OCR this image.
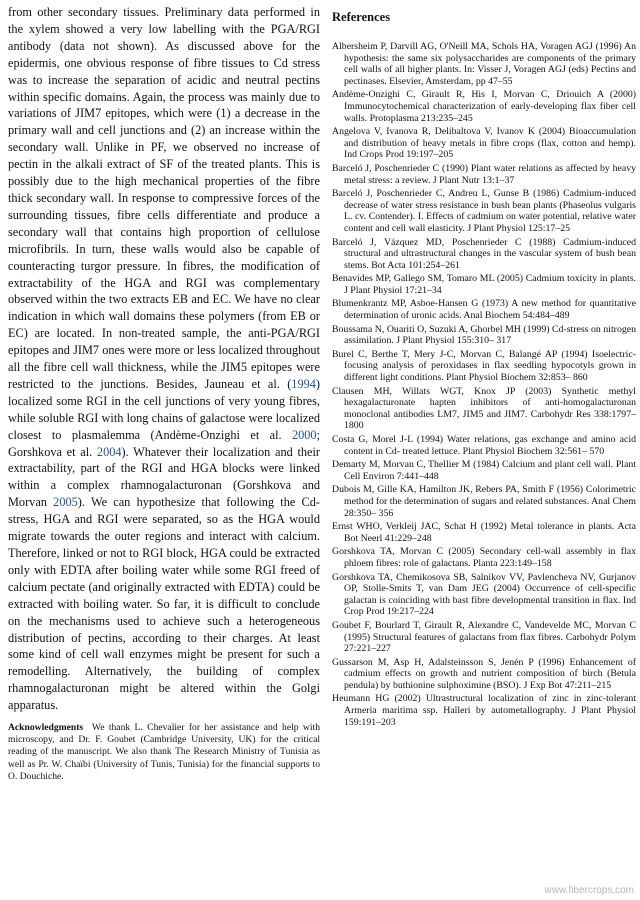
from other secondary tissues. Preliminary data performed in the xylem showed a very low labelling with the PGA/RGI antibody (data not shown). As discussed above for the epidermis, one obvious response of fibre tissues to Cd stress was to increase the separation of acidic and neutral pectins within specific domains. Again, the process was mainly due to variations of JIM7 epitopes, which were (1) a decrease in the primary wall and cell junctions and (2) an increase within the secondary wall. Unlike in PF, we observed no increase of pectin in the alkali extract of SF of the treated plants. This is possibly due to the high mechanical properties of the fibre thick secondary wall. In response to compressive forces of the surrounding tissues, fibre cells differentiate and produce a secondary wall that contains high proportion of cellulose microfibrils. In turn, these walls would also be capable of counteracting turgor pressure. In fibres, the modification of extractability of the HGA and RGI was complementary observed within the two extracts EB and EC. We have no clear indication in which wall domains these polymers (from EB or EC) are located. In non-treated sample, the anti-PGA/RGI epitopes and JIM7 ones were more or less localized throughout all the fibre cell wall thickness, while the JIM5 epitopes were restricted to the junctions. Besides, Jauneau et al. (1994) localized some RGI in the cell junctions of very young fibres, while soluble RGI with long chains of galactose were localized closest to plasmalemma (Andème-Onzighi et al. 2000; Gorshkova et al. 2004). Whatever their localization and their extractability, part of the RGI and HGA blocks were linked within a complex rhamnogalacturonan (Gorshkova and Morvan 2005). We can hypothesize that following the Cd-stress, HGA and RGI were separated, so as the HGA would migrate towards the outer regions and interact with calcium. Therefore, linked or not to RGI block, HGA could be extracted only with EDTA after boiling water while some RGI freed of calcium pectate (and originally extracted with EDTA) could be extracted with boiling water. So far, it is difficult to conclude on the mechanisms used to achieve such a heterogeneous distribution of pectins, according to their charges. At least some kind of cell wall enzymes might be present for such a remodelling. Alternatively, the building of complex rhamnogalacturonan might be altered within the Golgi apparatus.

Acknowledgments We thank L. Chevalier for her assistance and help with microscopy, and Dr. F. Goubet (Cambridge University, UK) for the critical reading of the manuscript. We also thank The Research Ministry of Tunisia as well as Pr. W. Chaïbi (University of Tunis, Tunisia) for the financial supports to O. Douchiche.

References

Albersheim P, Darvill AG, O'Neill MA, Schols HA, Voragen AGJ (1996) An hypothesis: the same six polysaccharides are components of the primary cell walls of all higher plants. In: Visser J, Voragen AGJ (eds) Pectins and pectinases. Elsevier, Amsterdam, pp 47–55

Andème-Onzighi C, Girault R, His I, Morvan C, Driouich A (2000) Immunocytochemical characterization of early-developing flax fiber cell walls. Protoplasma 213:235–245

Angelova V, Ivanova R, Delibaltova V, Ivanov K (2004) Bioaccumulation and distribution of heavy metals in fibre crops (flax, cotton and hemp). Ind Crops Prod 19:197–205

Barceló J, Poschenrieder C (1990) Plant water relations as affected by heavy metal stress: a review. J Plant Nutr 13:1–37

Barceló J, Poschenrieder C, Andreu L, Gunse B (1986) Cadmium-induced decrease of water stress resistance in bush bean plants (Phaseolus vulgaris L. cv. Contender). I. Effects of cadmium on water potential, relative water content and cell wall elasticity. J Plant Physiol 125:17–25

Barceló J, Vázquez MD, Poschenrieder C (1988) Cadmium-induced structural and ultrastructural changes in the vascular system of bush bean stems. Bot Acta 101:254–261

Benavides MP, Gallego SM, Tomaro ML (2005) Cadmium toxicity in plants. J Plant Physiol 17:21–34

Blumenkrantz MP, Asboe-Hansen G (1973) A new method for quantitative determination of uronic acids. Anal Biochem 54:484–489

Boussama N, Ouariti O, Suzuki A, Ghorbel MH (1999) Cd-stress on nitrogen assimilation. J Plant Physiol 155:310– 317

Burel C, Berthe T, Mery J-C, Morvan C, Balangé AP (1994) Isoelectric-focusing analysis of peroxidases in flax seedling hypocotyls grown in different light conditions. Plant Physiol Biochem 32:853– 860

Clausen MH, Willats WGT, Knox JP (2003) Synthetic methyl hexagalacturonate hapten inhibitors of anti-homogalacturonan monoclonal antibodies LM7, JIM5 and JIM7. Carbohydr Res 338:1797–1800

Costa G, Morel J-L (1994) Water relations, gas exchange and amino acid content in Cd- treated lettuce. Plant Physiol Biochem 32:561– 570

Demarty M, Morvan C, Thellier M (1984) Calcium and plant cell wall. Plant Cell Environ 7:441–448

Dubois M, Gille KA, Hamilton JK, Rebers PA, Smith F (1956) Colorimetric method for the determination of sugars and related substances. Anal Chem 28:350– 356

Ernst WHO, Verkleij JAC, Schat H (1992) Metal tolerance in plants. Acta Bot Neerl 41:229–248

Gorshkova TA, Morvan C (2005) Secondary cell-wall assembly in flax phloem fibres: role of galactans. Planta 223:149–158

Gorshkova TA, Chemikosova SB, Salnikov VV, Pavlencheva NV, Gurjanov OP, Stolle-Smits T, van Dam JEG (2004) Occurrence of cell-specific galactan is coinciding with bast fibre developmental transition in flax. Ind Crop Prod 19:217–224

Goubet F, Bourlard T, Girault R, Alexandre C, Vandevelde MC, Morvan C (1995) Structural features of galactans from flax fibres. Carbohydr Polym 27:221–227

Gussarson M, Asp H, Adalsteinsson S, Jenén P (1996) Enhancement of cadmium effects on growth and nutrient composition of birch (Betula pendula) by buthionine sulphoximine (BSO). J Exp Bot 47:211–215

Heumann HG (2002) Ultrastructural localization of zinc in zinc-tolerant Armeria maritima ssp. Halleri by autometallography. J Plant Physiol 159:191–203

www.fibercrops.com
